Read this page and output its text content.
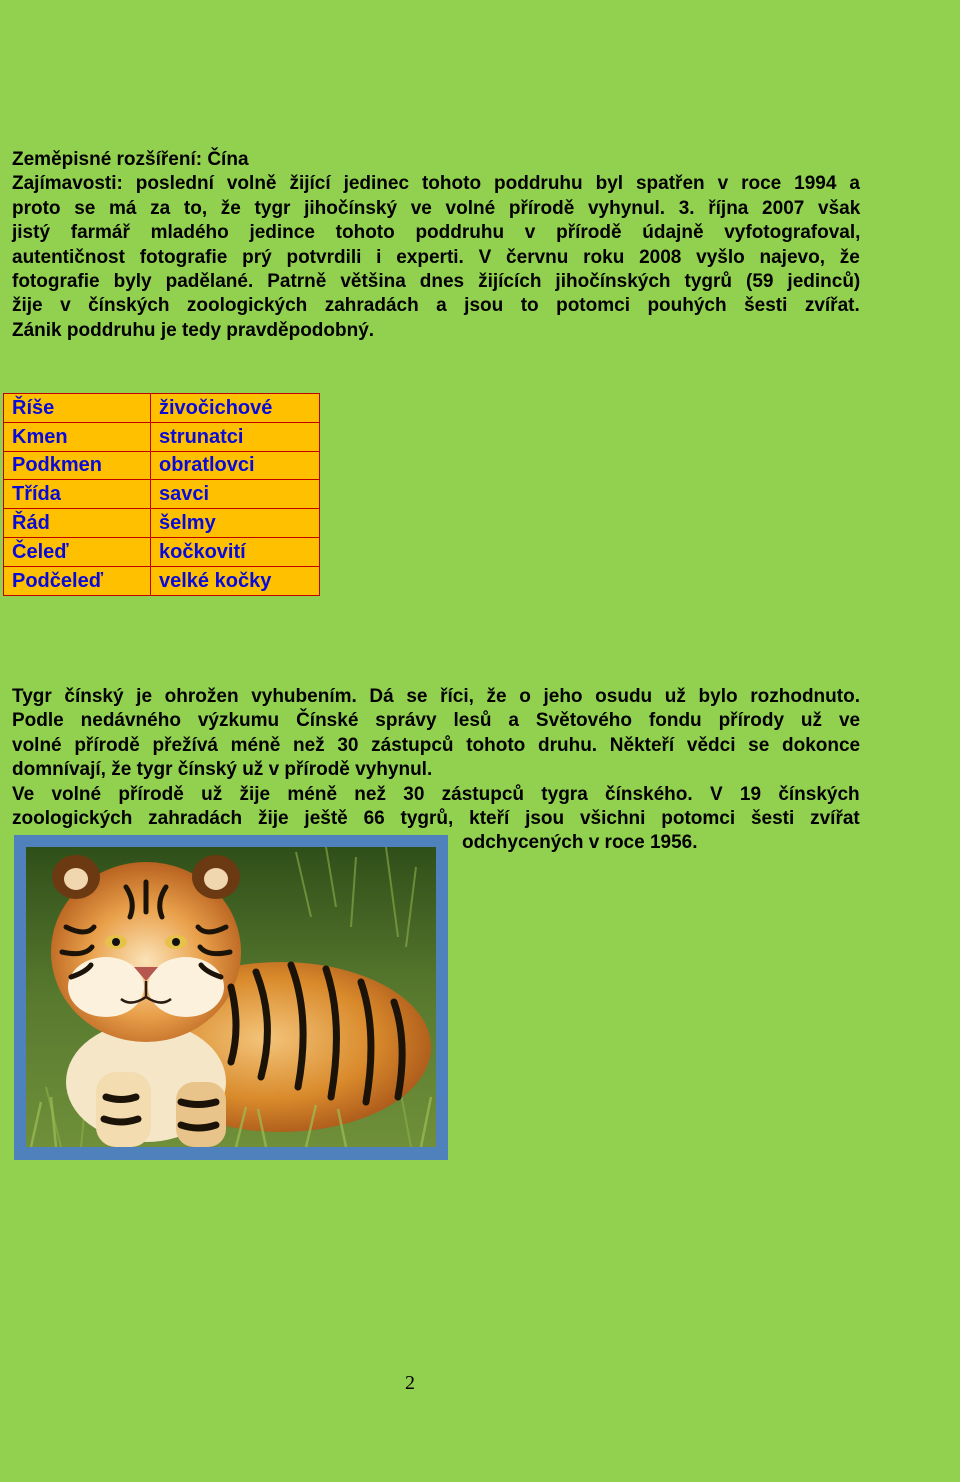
Zeměpisné rozšíření: Čína
Zajímavosti: poslední volně žijící jedinec tohoto poddruhu byl spatřen v roce 1994 a
proto se má za to, že tygr jihočínský ve volné přírodě vyhynul. 3. října 2007 však
jistý farmář mladého jedince tohoto poddruhu v přírodě údajně vyfotografoval,
autentičnost fotografie prý potvrdili i experti. V červnu roku 2008 vyšlo najevo, že
fotografie byly padělané. Patrně většina dnes žijících jihočínských tygrů (59 jedinců)
žije v čínských zoologických zahradách a jsou to potomci pouhých šesti zvířat.
Zánik poddruhu je tedy pravděpodobný.
Říše	živočichové
Kmen	strunatci
Podkmen	obratlovci
Třída	savci
Řád	šelmy
Čeleď	kočkovití
Podčeleď	velké kočky
Tygr čínský je ohrožen vyhubením. Dá se říci, že o jeho osudu už bylo rozhodnuto.
Podle nedávného výzkumu Čínské správy lesů a Světového fondu přírody už ve
volné přírodě přežívá méně než 30 zástupců tohoto druhu. Někteří vědci se dokonce
domnívají, že tygr čínský už v přírodě vyhynul.
Ve volné přírodě už žije méně než 30 zástupců tygra čínského. V 19 čínských
zoologických zahradách žije ještě 66 tygrů, kteří jsou všichni potomci šesti zvířat
odchycených v roce 1956.
2
